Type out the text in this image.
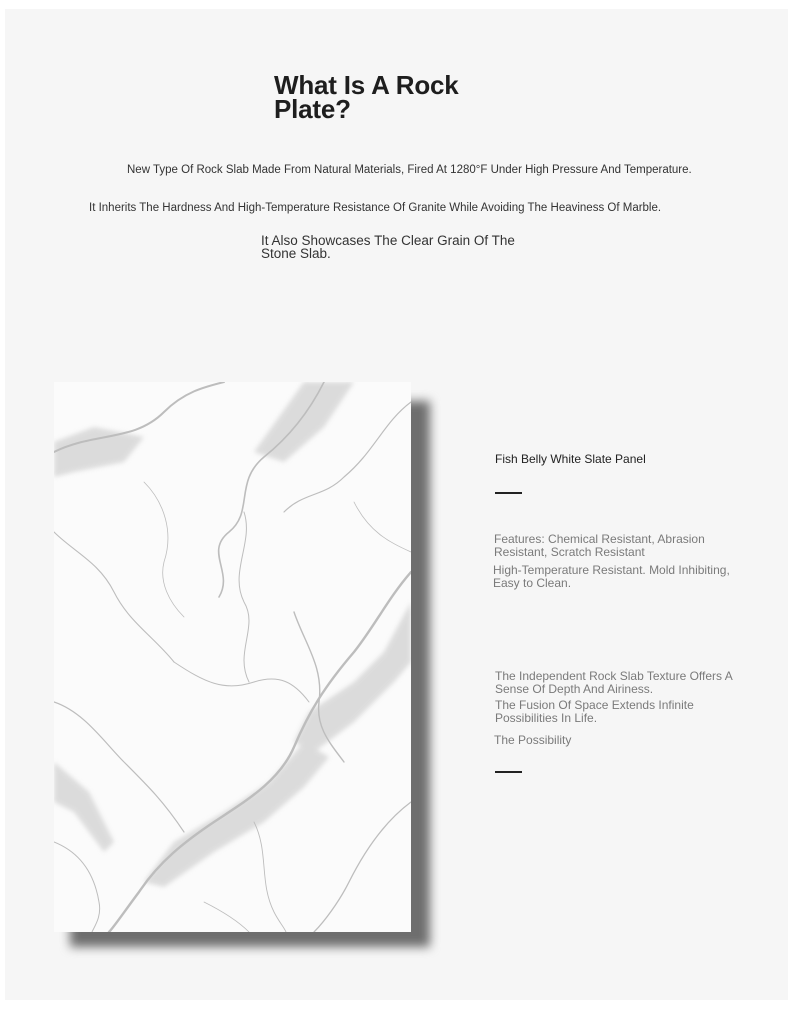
What Is A Rock Plate?

New Type Of Rock Slab Made From Natural Materials, Fired At 1280°F Under High Pressure And Temperature.

It Inherits The Hardness And High-Temperature Resistance Of Granite While Avoiding The Heaviness Of Marble.

It Also Showcases The Clear Grain Of The Stone Slab.

Fish Belly White Slate Panel

Features: Chemical Resistant, Abrasion Resistant, Scratch Resistant

High-Temperature Resistant. Mold Inhibiting, Easy to Clean.

The Independent Rock Slab Texture Offers A Sense Of Depth And Airiness.

The Fusion Of Space Extends Infinite Possibilities In Life.

The Possibility
